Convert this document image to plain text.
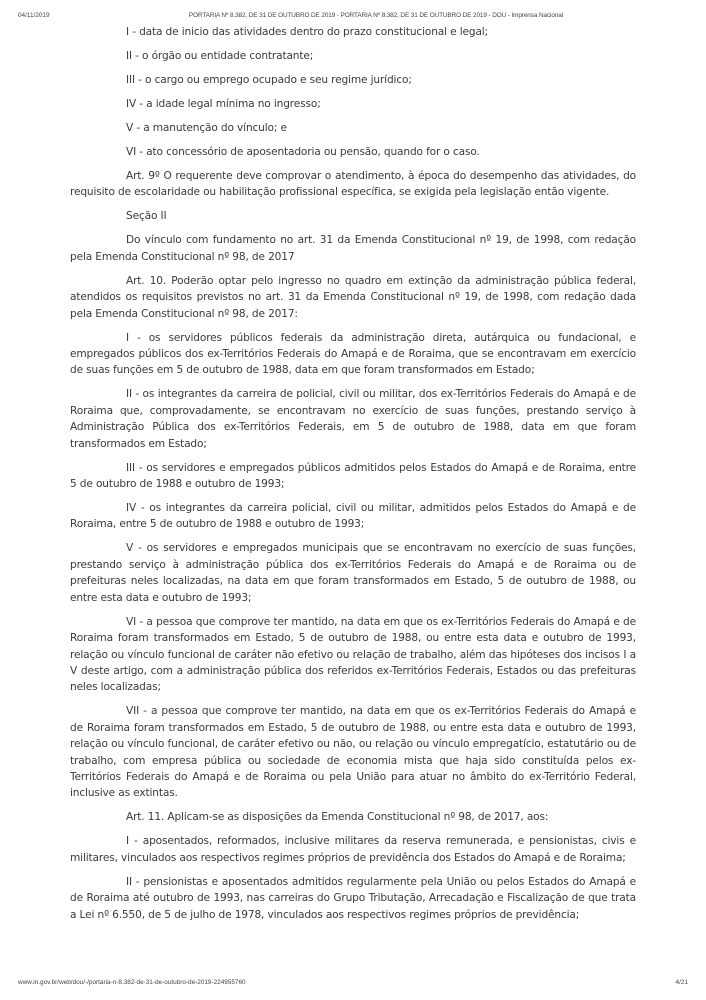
04/11/2019	PORTARIA Nº 8.382, DE 31 DE OUTUBRO DE 2019 - PORTARIA Nº 8.382, DE 31 DE OUTUBRO DE 2019 - DOU - Imprensa Nacional

I - data de inicio das atividades dentro do prazo constitucional e legal;

II - o órgão ou entidade contratante;

III - o cargo ou emprego ocupado e seu regime jurídico;

IV - a idade legal mínima no ingresso;

V - a manutenção do vínculo; e

VI - ato concessório de aposentadoria ou pensão, quando for o caso.

Art. 9º O requerente deve comprovar o atendimento, à época do desempenho das atividades, do requisito de escolaridade ou habilitação profissional específica, se exigida pela legislação então vigente.

Seção II

Do vínculo com fundamento no art. 31 da Emenda Constitucional nº 19, de 1998, com redação pela Emenda Constitucional nº 98, de 2017

Art. 10. Poderão optar pelo ingresso no quadro em extinção da administração pública federal, atendidos os requisitos previstos no art. 31 da Emenda Constitucional nº 19, de 1998, com redação dada pela Emenda Constitucional nº 98, de 2017:

I - os servidores públicos federais da administração direta, autárquica ou fundacional, e empregados públicos dos ex-Territórios Federais do Amapá e de Roraima, que se encontravam em exercício de suas funções em 5 de outubro de 1988, data em que foram transformados em Estado;

II - os integrantes da carreira de policial, civil ou militar, dos ex-Territórios Federais do Amapá e de Roraima que, comprovadamente, se encontravam no exercício de suas funções, prestando serviço à Administração Pública dos ex-Territórios Federais, em 5 de outubro de 1988, data em que foram transformados em Estado;

III - os servidores e empregados públicos admitidos pelos Estados do Amapá e de Roraima, entre 5 de outubro de 1988 e outubro de 1993;

IV - os integrantes da carreira policial, civil ou militar, admitidos pelos Estados do Amapá e de Roraima, entre 5 de outubro de 1988 e outubro de 1993;

V - os servidores e empregados municipais que se encontravam no exercício de suas funções, prestando serviço à administração pública dos ex-Territórios Federais do Amapá e de Roraima ou de prefeituras neles localizadas, na data em que foram transformados em Estado, 5 de outubro de 1988, ou entre esta data e outubro de 1993;

VI - a pessoa que comprove ter mantido, na data em que os ex-Territórios Federais do Amapá e de Roraima foram transformados em Estado, 5 de outubro de 1988, ou entre esta data e outubro de 1993, relação ou vínculo funcional de caráter não efetivo ou relação de trabalho, além das hipóteses dos incisos I a V deste artigo, com a administração pública dos referidos ex-Territórios Federais, Estados ou das prefeituras neles localizadas;

VII - a pessoa que comprove ter mantido, na data em que os ex-Territórios Federais do Amapá e de Roraima foram transformados em Estado, 5 de outubro de 1988, ou entre esta data e outubro de 1993, relação ou vínculo funcional, de caráter efetivo ou não, ou relação ou vínculo empregatício, estatutário ou de trabalho, com empresa pública ou sociedade de economia mista que haja sido constituída pelos ex-Territórios Federais do Amapá e de Roraima ou pela União para atuar no âmbito do ex-Território Federal, inclusive as extintas.

Art. 11. Aplicam-se as disposições da Emenda Constitucional nº 98, de 2017, aos:

I - aposentados, reformados, inclusive militares da reserva remunerada, e pensionistas, civis e militares, vinculados aos respectivos regimes próprios de previdência dos Estados do Amapá e de Roraima;

II - pensionistas e aposentados admitidos regularmente pela União ou pelos Estados do Amapá e de Roraima até outubro de 1993, nas carreiras do Grupo Tributação, Arrecadação e Fiscalização de que trata a Lei nº 6.550, de 5 de julho de 1978, vinculados aos respectivos regimes próprios de previdência;

www.in.gov.br/web/dou/-/portaria-n-8.382-de-31-de-outubro-de-2019-224955760	4/21
